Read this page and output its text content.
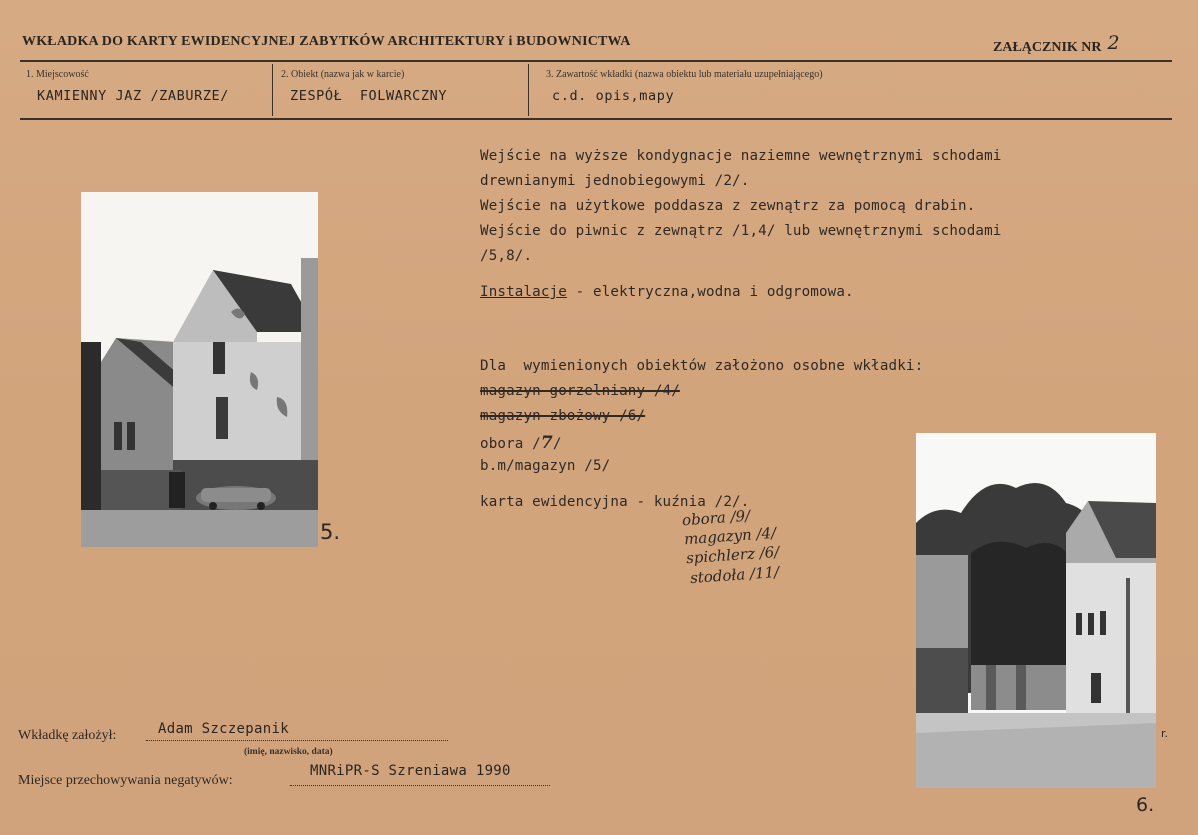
WKŁADKA DO KARTY EWIDENCYJNEJ ZABYTKÓW ARCHITEKTURY i BUDOWNICTWA	ZAŁĄCZNIK NR 2
1. Miejscowość
KAMIENNY JAZ /ZABURZE/
2. Obiekt (nazwa jak w karcie)
ZESPÓŁ  FOLWARCZNY
3. Zawartość wkładki (nazwa obiektu lub materiału uzupełniającego)
c.d. opis,mapy
Wejście na wyższe kondygnacje naziemne wewnętrznymi schodami
drewnianymi jednobiegowymi /2/.
Wejście na użytkowe poddasza z zewnątrz za pomocą drabin.
Wejście do piwnic z zewnątrz /1,4/ lub wewnętrznymi schodami
/5,8/.
Instalacje - elektryczna,wodna i odgromowa.
Dla  wymienionych obiektów założono osobne wkładki:
magazyn gorzelniany /4/
magazyn zbożowy /6/
obora /7/
b.m/magazyn /5/
karta ewidencyjna - kuźnia /2/.
obora /9/
magazyn /4/
spichlerz /6/
stodoła /11/
5.
r.
6.
Wkładkę założył:	Adam Szczepanik
(imię, nazwisko, data)
Miejsce przechowywania negatywów:
MNRiPR-S Szreniawa 1990
